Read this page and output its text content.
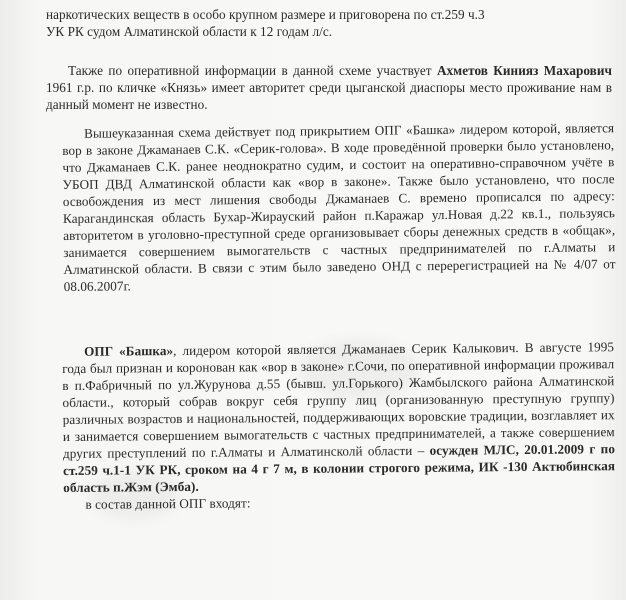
наркотических веществ в особо крупном размере и приговорена по ст.259 ч.3
УК РК судом Алматинской области к 12 годам л/с.

Также по оперативной информации в данной схеме участвует Ахметов Кинияз Махарович 1961 г.р. по кличке «Князь» имеет авторитет среди цыганской диаспоры место проживание нам в данный момент не известно.

Вышеуказанная схема действует под прикрытием ОПГ «Башка» лидером которой, является вор в законе Джаманаев С.К. «Серик-голова». В ходе проведённой проверки было установлено, что Джаманаев С.К. ранее неоднократно судим, и состоит на оперативно-справочном учёте в УБОП ДВД Алматинской области как «вор в законе». Также было установлено, что после освобождения из мест лишения свободы Джаманаев С. времено прописался по адресу: Карагандинская область Бухар-Жирауский район п.Каражар ул.Новая д.22 кв.1., пользуясь авторитетом в уголовно-преступной среде организовывает сборы денежных средств в «общак», занимается совершением вымогательств с частных предпринимателей по г.Алматы и Алматинской области. В связи с этим было заведено ОНД с перерегистрацией на № 4/07 от 08.06.2007г.

ОПГ «Башка», лидером которой является Джаманаев Серик Калыкович. В августе 1995 года был признан и коронован как «вор в законе» г.Сочи, по оперативной информации проживал в п.Фабричный по ул.Журунова д.55 (бывш. ул.Горького) Жамбылского района Алматинской области., который собрав вокруг себя группу лиц (организованную преступную группу) различных возрастов и национальностей, поддерживающих воровские традиции, возглавляет их и занимается совершением вымогательств с частных предпринимателей, а также совершением других преступлений по г.Алматы и Алматинсколй области – осужден МЛС, 20.01.2009 г по ст.259 ч.1-1 УК РК, сроком на 4 г 7 м, в колонии строгого режима, ИК -130 Актюбинская область п.Жэм (Эмба).

в состав данной ОПГ входят:
